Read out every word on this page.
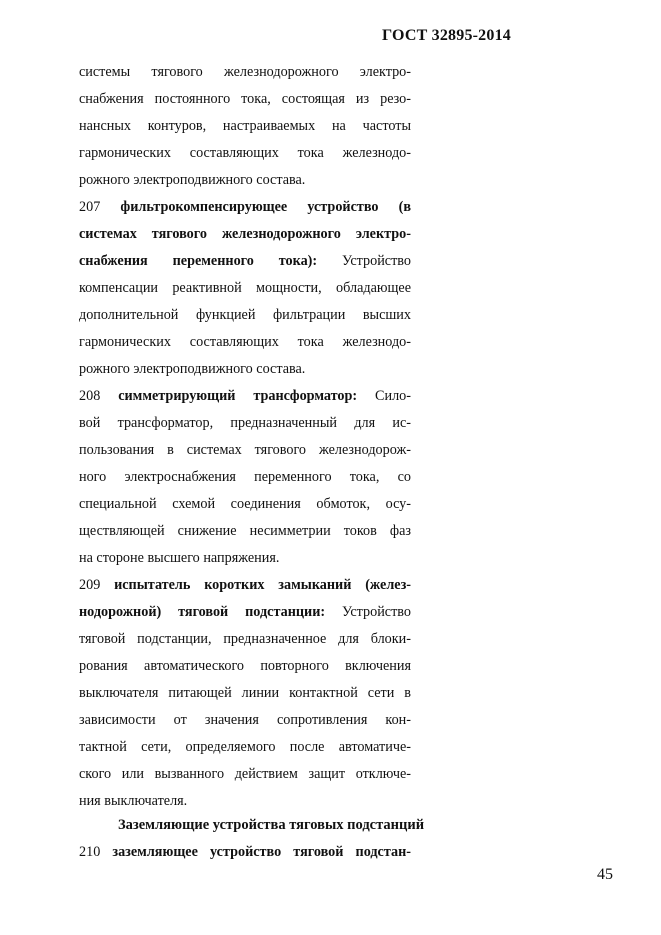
ГОСТ 32895-2014
системы тягового железнодорожного электро-
снабжения постоянного тока, состоящая из резо-
нансных контуров, настраиваемых на частоты
гармонических составляющих тока железнодо-
рожного электроподвижного состава.
207 фильтрокомпенсирующее устройство (в
системах тягового железнодорожного электро-
снабжения переменного тока): Устройство
компенсации реактивной мощности, обладающее
дополнительной функцией фильтрации высших
гармонических составляющих тока железнодо-
рожного электроподвижного состава.
208 симметрирующий трансформатор: Сило-
вой трансформатор, предназначенный для ис-
пользования в системах тягового железнодорож-
ного электроснабжения переменного тока, со
специальной схемой соединения обмоток, осу-
ществляющей снижение несимметрии токов фаз
на стороне высшего напряжения.
209 испытатель коротких замыканий (желез-
нодорожной) тяговой подстанции: Устройство
тяговой подстанции, предназначенное для блоки-
рования автоматического повторного включения
выключателя питающей линии контактной сети в
зависимости от значения сопротивления кон-
тактной сети, определяемого после автоматиче-
ского или вызванного действием защит отключе-
ния выключателя.
Заземляющие устройства тяговых подстанций
210 заземляющее устройство тяговой подстан-
45
